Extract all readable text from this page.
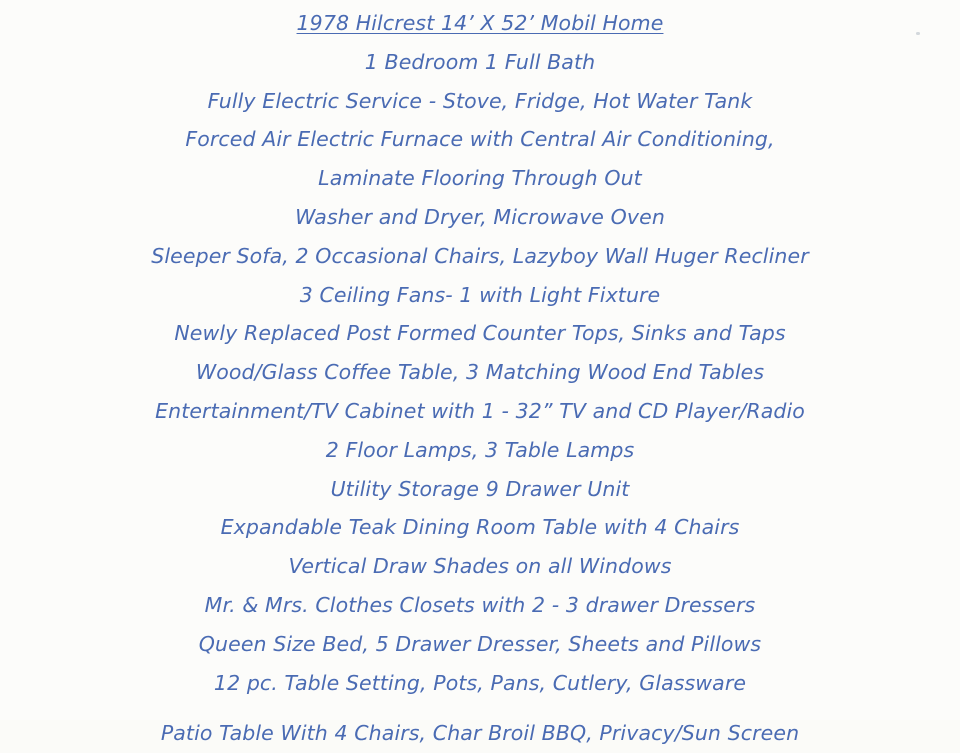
1978 Hilcrest 14’ X 52’ Mobil Home
1 Bedroom 1 Full Bath
Fully Electric Service - Stove, Fridge, Hot Water Tank
Forced Air Electric Furnace with Central Air Conditioning,
Laminate Flooring Through Out
Washer and Dryer, Microwave Oven
Sleeper Sofa, 2 Occasional Chairs, Lazyboy Wall Huger Recliner
3 Ceiling Fans- 1 with Light Fixture
Newly Replaced Post Formed Counter Tops, Sinks and Taps
Wood/Glass Coffee Table, 3 Matching Wood End Tables
Entertainment/TV Cabinet with 1 - 32” TV and CD Player/Radio
2 Floor Lamps, 3 Table Lamps
Utility Storage 9 Drawer Unit
Expandable Teak Dining Room Table with 4 Chairs
Vertical Draw Shades on all Windows
Mr. & Mrs. Clothes Closets with 2 - 3 drawer Dressers
Queen Size Bed, 5 Drawer Dresser, Sheets and Pillows
12 pc. Table Setting, Pots, Pans, Cutlery, Glassware
Patio Table With 4 Chairs, Char Broil BBQ, Privacy/Sun Screen
